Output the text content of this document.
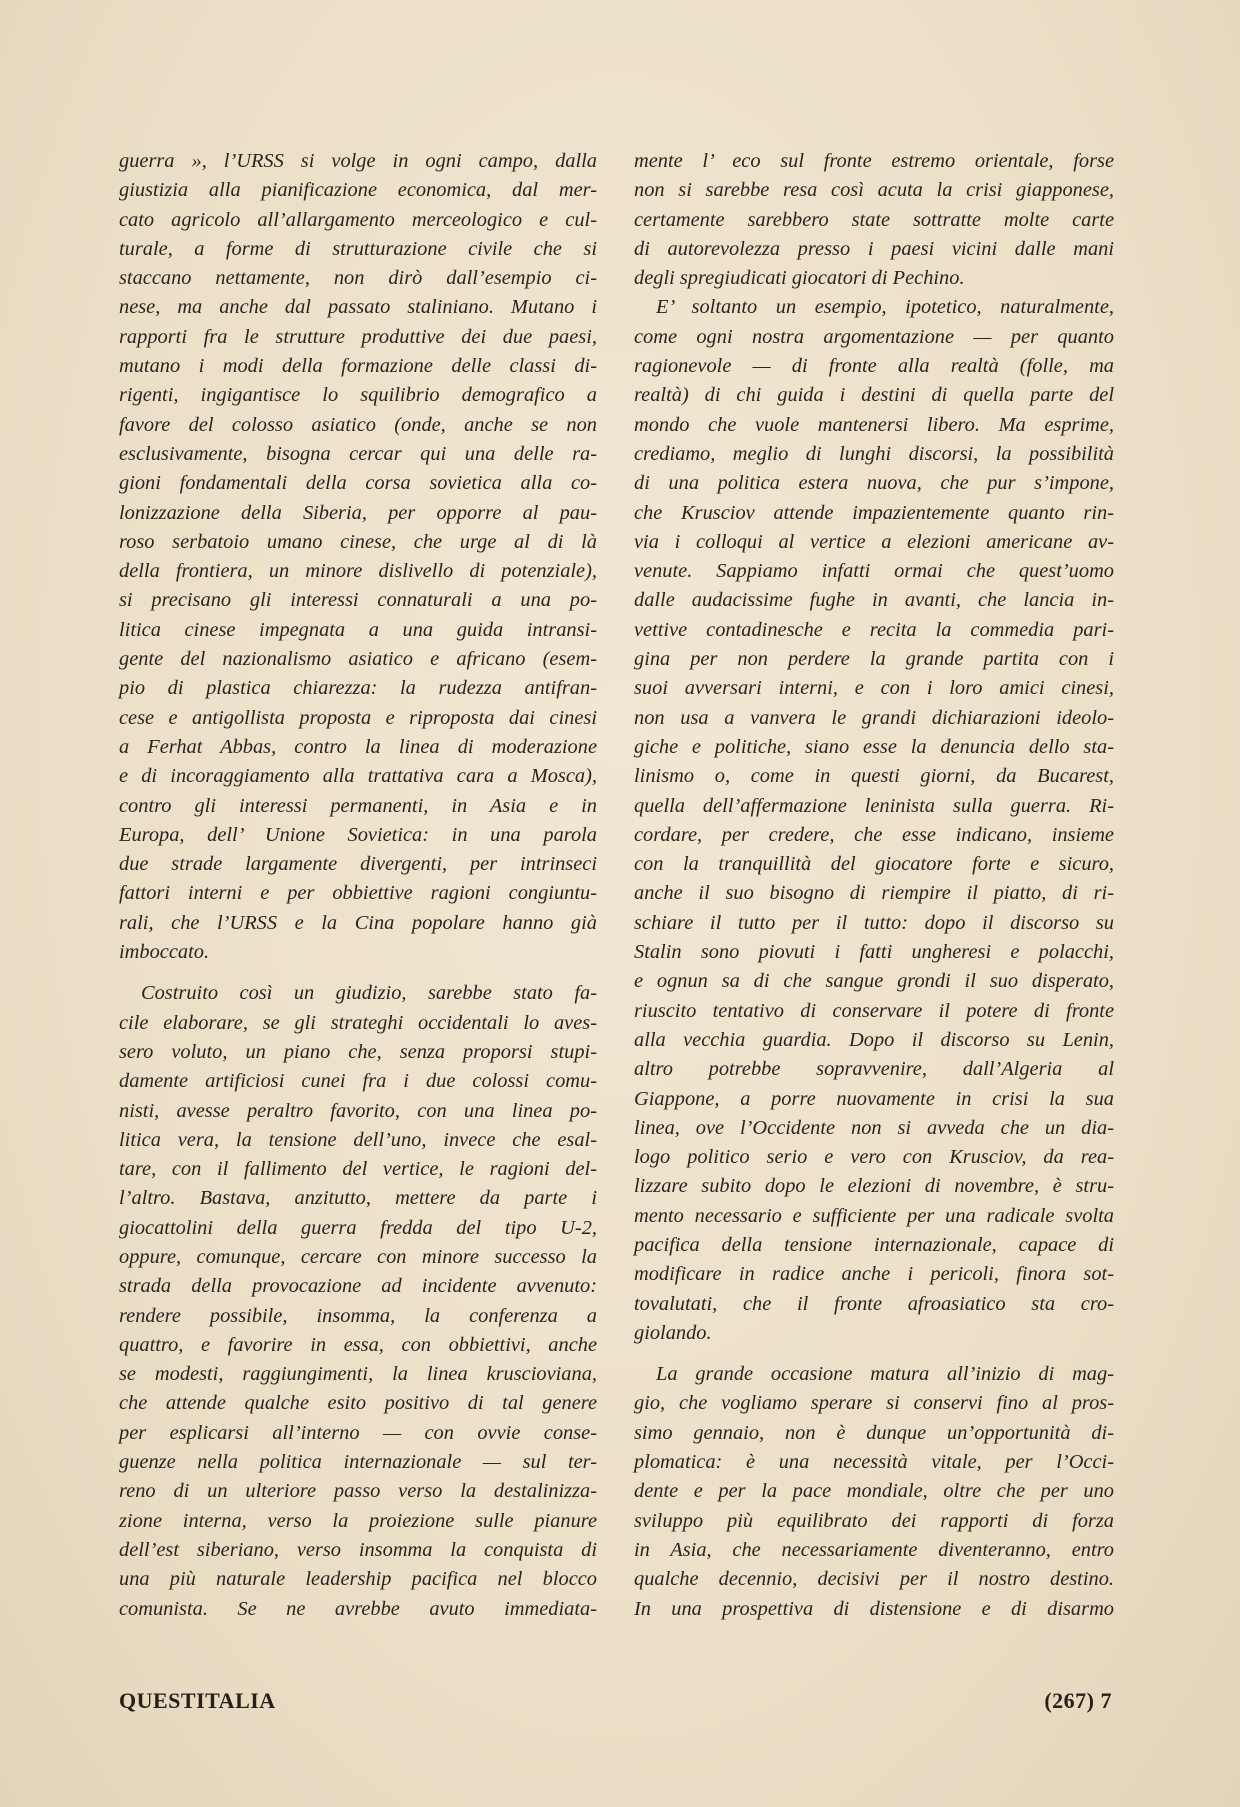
guerra », l’URSS si volge in ogni campo, dalla
giustizia alla pianificazione economica, dal mer-
cato agricolo all’allargamento merceologico e cul-
turale, a forme di strutturazione civile che si
staccano nettamente, non dirò dall’esempio ci-
nese, ma anche dal passato staliniano. Mutano i
rapporti fra le strutture produttive dei due paesi,
mutano i modi della formazione delle classi di-
rigenti, ingigantisce lo squilibrio demografico a
favore del colosso asiatico (onde, anche se non
esclusivamente, bisogna cercar qui una delle ra-
gioni fondamentali della corsa sovietica alla co-
lonizzazione della Siberia, per opporre al pau-
roso serbatoio umano cinese, che urge al di là
della frontiera, un minore dislivello di potenziale),
si precisano gli interessi connaturali a una po-
litica cinese impegnata a una guida intransi-
gente del nazionalismo asiatico e africano (esem-
pio di plastica chiarezza: la rudezza antifran-
cese e antigollista proposta e riproposta dai cinesi
a Ferhat Abbas, contro la linea di moderazione
e di incoraggiamento alla trattativa cara a Mosca),
contro gli interessi permanenti, in Asia e in
Europa, dell’ Unione Sovietica: in una parola
due strade largamente divergenti, per intrinseci
fattori interni e per obbiettive ragioni congiuntu-
rali, che l’URSS e la Cina popolare hanno già
imboccato.

Costruito così un giudizio, sarebbe stato fa-
cile elaborare, se gli strateghi occidentali lo aves-
sero voluto, un piano che, senza proporsi stupi-
damente artificiosi cunei fra i due colossi comu-
nisti, avesse peraltro favorito, con una linea po-
litica vera, la tensione dell’uno, invece che esal-
tare, con il fallimento del vertice, le ragioni del-
l’altro. Bastava, anzitutto, mettere da parte i
giocattolini della guerra fredda del tipo U-2,
oppure, comunque, cercare con minore successo la
strada della provocazione ad incidente avvenuto:
rendere possibile, insomma, la conferenza a
quattro, e favorire in essa, con obbiettivi, anche
se modesti, raggiungimenti, la linea kruscioviana,
che attende qualche esito positivo di tal genere
per esplicarsi all’interno — con ovvie conse-
guenze nella politica internazionale — sul ter-
reno di un ulteriore passo verso la destalinizza-
zione interna, verso la proiezione sulle pianure
dell’est siberiano, verso insomma la conquista di
una più naturale leadership pacifica nel blocco
comunista. Se ne avrebbe avuto immediata-

mente l’ eco sul fronte estremo orientale, forse
non si sarebbe resa così acuta la crisi giapponese,
certamente sarebbero state sottratte molte carte
di autorevolezza presso i paesi vicini dalle mani
degli spregiudicati giocatori di Pechino.

E’ soltanto un esempio, ipotetico, naturalmente,
come ogni nostra argomentazione — per quanto
ragionevole — di fronte alla realtà (folle, ma
realtà) di chi guida i destini di quella parte del
mondo che vuole mantenersi libero. Ma esprime,
crediamo, meglio di lunghi discorsi, la possibilità
di una politica estera nuova, che pur s’impone,
che Krusciov attende impazientemente quanto rin-
via i colloqui al vertice a elezioni americane av-
venute. Sappiamo infatti ormai che quest’uomo
dalle audacissime fughe in avanti, che lancia in-
vettive contadinesche e recita la commedia pari-
gina per non perdere la grande partita con i
suoi avversari interni, e con i loro amici cinesi,
non usa a vanvera le grandi dichiarazioni ideolo-
giche e politiche, siano esse la denuncia dello sta-
linismo o, come in questi giorni, da Bucarest,
quella dell’affermazione leninista sulla guerra. Ri-
cordare, per credere, che esse indicano, insieme
con la tranquillità del giocatore forte e sicuro,
anche il suo bisogno di riempire il piatto, di ri-
schiare il tutto per il tutto: dopo il discorso su
Stalin sono piovuti i fatti ungheresi e polacchi,
e ognun sa di che sangue grondi il suo disperato,
riuscito tentativo di conservare il potere di fronte
alla vecchia guardia. Dopo il discorso su Lenin,
altro potrebbe sopravvenire, dall’Algeria al
Giappone, a porre nuovamente in crisi la sua
linea, ove l’Occidente non si avveda che un dia-
logo politico serio e vero con Krusciov, da rea-
lizzare subito dopo le elezioni di novembre, è stru-
mento necessario e sufficiente per una radicale svolta
pacifica della tensione internazionale, capace di
modificare in radice anche i pericoli, finora sot-
tovalutati, che il fronte afroasiatico sta cro-
giolando.

La grande occasione matura all’inizio di mag-
gio, che vogliamo sperare si conservi fino al pros-
simo gennaio, non è dunque un’opportunità di-
plomatica: è una necessità vitale, per l’Occi-
dente e per la pace mondiale, oltre che per uno
sviluppo più equilibrato dei rapporti di forza
in Asia, che necessariamente diventeranno, entro
qualche decennio, decisivi per il nostro destino.
In una prospettiva di distensione e di disarmo

QUESTITALIA	(267) 7
